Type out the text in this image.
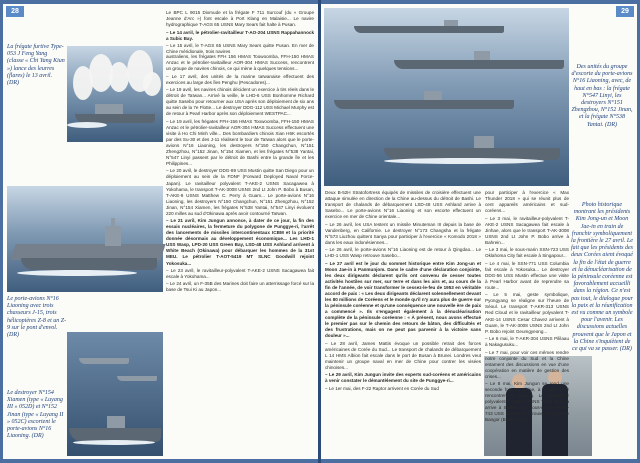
28
La frégate furtive Type-053 J Feng Yang (classe « Chi Yang Kiun ») lance des leurres (flares) le 13 avril. (DR)
Le porte-avions N°16 Liaoning avec trois chasseurs J-15, trois hélicoptères Z-8 et un Z-9 sur le pont d'envol. (DR)
Le destroyer N°154 Xiamen (type « Luyang III » 052D) et N°152 Jinan (type « Luyang II » 052C) escortent le porte-avions N°16 Liaoning. (DR)

Le BPC L 9015 Dixmude et la frégate F 711 Surcouf (du « Groupe Jeanne d'Arc ») font escale à Port Klang en Malaisie... Le navire hydrographique T-AGS 65 USNS Mary Sears fait halte à Pusan.

– Le 14 avril, le pétrolier-ravitailleur T-AO-204 USNS Rappahannock a Subic Bay.

– Le 15 avril, le T-AGS 65 USNS Mary Sears quitte Pusan. En mer de Chine méridionale, trois navires

australiens, les frégates FFH 156 HMAS Toowoomba, FFH-150 HMAS Anzac et le pétrolier-ravitailleur AOR-304 HMAS Success, rencontrent un groupe de navires chinois, ce qui mène à quelques tensions...

– Le 17 avril, des unités de la marine taïwanaise effectuent des exercices au large des îles Penghu (Pescadores)...

– Le 19 avril, les navires chinois décident un exercice à tirs réels dans le détroit de Taïwan... Arrivé la veille, le LHD-6 USS Bonhomme Richard quitte Sasebo pour retourner aux USA après son déploiement de six ans au sein de la 7e Flotte... Le destroyer DDG-112 USS Michael Murphy est de retour à Pearl Harbor après son déploiement WESTPAC...

– Le 19 avril, les frégates FFH-156 HMAS Toowoomba, FFH-150 HMAS Anzac et le pétrolier-ravitailleur AOR-304 HMAS Success effectuent une visite à Ho Chi Minh ville... Des bombardiers chinois Xian H6K escortés par des Su-30 et des J-11 réalisent le tour de Taïwan alors que le porte-avions N°16 Liaoning, les destroyers N°150 Changchun, N°151 Zhengzhou, N°152 Jinan, N°154 Xiamen, et les frégates N°538 Yantai, N°547 Linyi passent par le détroit de Bashi entre la grande île et les Philippines...

– Le 20 avril, le destroyer DDG-89 USS Mustin quitte San Diego pour un déploiement au sein de la FDNF (Forward Deployed Naval Force-Japan). Le ravitailleur polyvalent T-AKE-2 USNS Sacagawea à Yokohama, le transport T-AK-3008 USNS 2nd Lt John P. Bobo à Busan, T-AKE-9 USNS Matthew C. Perry à Guam... Le porte-avions N°16 Liaoning, les destroyers N°150 Changchun, N°151 Zhengzhou, N°152 Jinan, N°154 Xiamen, les frégates N°538 Yantai, N°547 Linyi évoluent 220 milles au sud d'Okinawa après avoir contourné Taïwan.

– Le 21 avril, Kim Jungun annonce, à dater de ce jour, la fin des essais nucléaires, la fermeture du polygone de Punggye-ri, l'arrêt des lancements de missiles intercontinentaux ICBM et la priorité donnée désormais au développement économique... Les LHD-1 USS Wasp, LPD-20 USS Green Bay, LSD-48 USS Ashland arrivent à White Beach (Okinawa) pour débarquer les hommes de la 31st MEU. Le pétrolier T-AOT-5419 MT SLNC Goodwill rejoint Yokosuka...

– Le 23 avril, le ravitailleur-polyvalent T-AKE-2 USNS Sacagawea fait escale à Yokohama...

– Le 24 avril, un F-35B des Marines doit faire un atterrissage forcé sur la base de Tsui Ki au Japon...

29
Des unités du groupe d'escorte du porte-avions N°16 Liaoning, avec, de haut en bas : la frégate N°547 Linyi, les destroyers N°151 Zhengzhou, N°152 Jinan, et la frégate N°538 Yantai. (DR)
Photo historique montrant les présidents Kim Jong-un et Moon Jae-in en train de franchir symboliquement la frontière le 27 avril. Le fait que les présidents des deux Corées aient évoqué la fin de l'état de guerre et la dénucléarisation de la péninsule coréenne est favorablement accueilli dans la région. Ce n'est pas tout, le dialogue pour la paix et la réunification est vu comme un symbole pour l'avenir. Les discussions actuelles prouvent que le Japon et la Chine s'inquiètent de ce qui va se passer. (DR)

Deux B-52H Stratofortress équipés de missiles de croisière effectuent une attaque simulée en direction de la Chine au-dessus du détroit de Bashi. Le transport de chalands de débarquement LSD-48 USS Ashland arrive à Sasebo... Le porte-avions N°16 Liaoning et son escorte effectuent un exercice en mer de Chine orientale...

– Le 26 avril, les USA testent un missile Minuteman III depuis la base de Vandenberg, en Californie. Le destroyer N°173 Changsha et la frégate N°573 Liuzhou quittent Sanya pour participer à l'exercice « Komodo 2018 » dans les eaux indonésiennes...

– Le 26 avril, le porte-avions N°16 Liaoning est de retour à Qingdao... Le LHD-1 USS Wasp retrouve Sasebo...

– Le 27 avril est le jour du sommet historique entre Kim Jong-un et Moon Jae-in à Panmunjom. Dans le cadre d'une déclaration conjointe, les deux dirigeants déclarent qu'ils ont convenu de cesser toutes activités hostiles sur mer, sur terre et dans les airs et, au cours de la fin de l'année, de voir transformer le cessez-le-feu de 1953 en véritable accord de paix : « Les deux dirigeants déclarent solennellement devant les 80 millions de Coréens et le monde qu'il n'y aura plus de guerre sur la péninsule coréenne et qu'une conséquence une nouvelle ère de paix a commencé ». Ils s'engagent également à la dénucléarisation complète de la péninsule coréenne : « À présent, nous avons effectué le premier pas sur le chemin des retours de bâton, des difficultés et des frustrations, mais on ne peut pas parvenir à la victoire sans douleur »...

– Le 28 avril, James Mattis évoque un possible retrait des forces américaines de Corée du Sud... Le transport de chalands de débarquement L 14 HMS Albion fait escale dans le port de Busan à Brunei. Londres veut maintenir un groupe naval en mer de Chine pour contrer les visées chinoises...

– Le 29 avril, Kim Jungun invite des experts sud-coréens et américains à venir constater le démantèlement du site de Punggye-ri...

– Le 1er mai, des F-22 Raptor arrivent en Corée du Sud

pour participer à l'exercice « Max Thunder 2018 » qui se réunit plus de cent appareils américains et sud-coréens...

– Le 3 mai, le ravitailleur-polyvalent T-AKE-2 USNS Sacagawea fait escale à Jinhae, alors que le transport T-AK-3008 USNS 2nd Lt John P. Bobo arrive à Bahrein...

– Le 3 mai, le sous-marin SSN-723 USS Oklahoma City fait escale à Singapour...

– Le 4 mai, le SSN-771 USS Columbia fait escale à Yokosuka... Le destroyer DDG-56 USS Mustin effectue une visite à Pearl Harbor avant de reprendre sa route...

– Le 5 mai, geste symbolique, Pyongyang se réaligne sur l'heure de Séoul. Le transport T-AKR-313 USNS Red Cloud et le ravitailleur polyvalent T-AKE-14 USNS Cesar Chavez arrivent à Guam, le T-AK-3008 USNS 2nd Lt John P. Bobo rejoint Geumgyeong...

– Le 6 mai, le T-AKR-304 USNS Pililaau à Nakagusuku...

– Le 7 mai, pour voir ces mêmes rendre notre conjointe du Sud et la Chine entament des discussions en vue d'une coopération en matière de gestion des crises...

– Le 8 mai, Kim Jungun se rend une seconde fois en Chine, à Dalian, pour rencontrer Xi Jinping. Le ravitailleur polyvalent T-AKE-8 USNS Wally Schirra arrive à Sasebo. Le sous-marin SSBN-743 USS Louisiana retrouve sa base de Bangor (Bremerton)...
